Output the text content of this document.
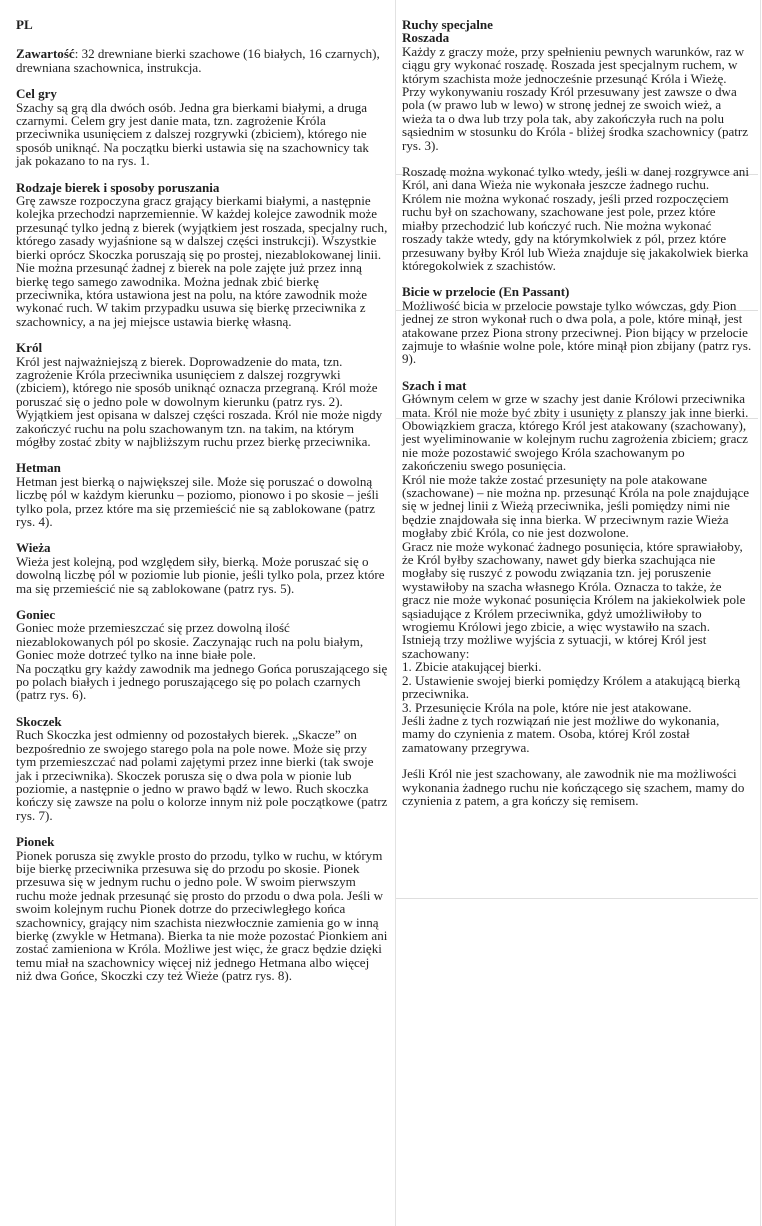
PL

Zawartość: 32 drewniane bierki szachowe (16 białych, 16 czarnych), drewniana szachownica, instrukcja.

Cel gry

Szachy są grą dla dwóch osób. Jedna gra bierkami białymi, a druga czarnymi. Celem gry jest danie mata, tzn. zagrożenie Króla przeciwnika usunięciem z dalszej rozgrywki (zbiciem), którego nie sposób uniknąć. Na początku bierki ustawia się na szachownicy tak jak pokazano to na rys. 1.

Rodzaje bierek i sposoby poruszania

Grę zawsze rozpoczyna gracz grający bierkami białymi, a następnie kolejka przechodzi naprzemiennie. W każdej kolejce zawodnik może przesunąć tylko jedną z bierek (wyjątkiem jest roszada, specjalny ruch, którego zasady wyjaśnione są w dalszej części instrukcji). Wszystkie bierki oprócz Skoczka poruszają się po prostej, niezablokowanej linii. Nie można przesunąć żadnej z bierek na pole zajęte już przez inną bierkę tego samego zawodnika. Można jednak zbić bierkę przeciwnika, która ustawiona jest na polu, na które zawodnik może wykonać ruch. W takim przypadku usuwa się bierkę przeciwnika z szachownicy, a na jej miejsce ustawia bierkę własną.

Król

Król jest najważniejszą z bierek. Doprowadzenie do mata, tzn. zagrożenie Króla przeciwnika usunięciem z dalszej rozgrywki (zbiciem), którego nie sposób uniknąć oznacza przegraną. Król może poruszać się o jedno pole w dowolnym kierunku (patrz rys. 2). Wyjątkiem jest opisana w dalszej części roszada. Król nie może nigdy zakończyć ruchu na polu szachowanym tzn. na takim, na którym mógłby zostać zbity w najbliższym ruchu przez bierkę przeciwnika.

Hetman

Hetman jest bierką o największej sile. Może się poruszać o dowolną liczbę pól w każdym kierunku – poziomo, pionowo i po skosie – jeśli tylko pola, przez które ma się przemieścić nie są zablokowane (patrz rys. 4).

Wieża

Wieża jest kolejną, pod względem siły, bierką. Może poruszać się o dowolną liczbę pól w poziomie lub pionie, jeśli tylko pola, przez które ma się przemieścić nie są zablokowane (patrz rys. 5).

Goniec

Goniec może przemieszczać się przez dowolną ilość niezablokowanych pól po skosie. Zaczynając ruch na polu białym, Goniec może dotrzeć tylko na inne białe pole.

Na początku gry każdy zawodnik ma jednego Gońca poruszającego się po polach białych i jednego poruszającego się po polach czarnych (patrz rys. 6).

Skoczek

Ruch Skoczka jest odmienny od pozostałych bierek. „Skacze” on bezpośrednio ze swojego starego pola na pole nowe. Może się przy tym przemieszczać nad polami zajętymi przez inne bierki (tak swoje jak i przeciwnika). Skoczek porusza się o dwa pola w pionie lub poziomie, a następnie o jedno w prawo bądź w lewo. Ruch skoczka kończy się zawsze na polu o kolorze innym niż pole początkowe (patrz rys. 7).

Pionek

Pionek porusza się zwykle prosto do przodu, tylko w ruchu, w którym bije bierkę przeciwnika przesuwa się do przodu po skosie. Pionek przesuwa się w jednym ruchu o jedno pole. W swoim pierwszym ruchu może jednak przesunąć się prosto do przodu o dwa pola. Jeśli w swoim kolejnym ruchu Pionek dotrze do przeciwległego końca szachownicy, grający nim szachista niezwłocznie zamienia go w inną bierkę (zwykle w Hetmana). Bierka ta nie może pozostać Pionkiem ani zostać zamieniona w Króla. Możliwe jest więc, że gracz będzie dzięki temu miał na szachownicy więcej niż jednego Hetmana albo więcej niż dwa Gońce, Skoczki czy też Wieże (patrz rys. 8).

Ruchy specjalne
Roszada

Każdy z graczy może, przy spełnieniu pewnych warunków, raz w ciągu gry wykonać roszadę. Roszada jest specjalnym ruchem, w którym szachista może jednocześnie przesunąć Króla i Wieżę. Przy wykonywaniu roszady Król przesuwany jest zawsze o dwa pola (w prawo lub w lewo) w stronę jednej ze swoich wież, a wieża ta o dwa lub trzy pola tak, aby zakończyła ruch na polu sąsiednim w stosunku do Króla - bliżej środka szachownicy (patrz rys. 3).

Roszadę można wykonać tylko wtedy, jeśli w danej rozgrywce ani Król, ani dana Wieża nie wykonała jeszcze żadnego ruchu. Królem nie można wykonać roszady, jeśli przed rozpoczęciem ruchu był on szachowany, szachowane jest pole, przez które miałby przechodzić lub kończyć ruch. Nie można wykonać roszady także wtedy, gdy na którymkolwiek z pól, przez które przesuwany byłby Król lub Wieża znajduje się jakakolwiek bierka któregokolwiek z szachistów.

Bicie w przelocie (En Passant)

Możliwość bicia w przelocie powstaje tylko wówczas, gdy Pion jednej ze stron wykonał ruch o dwa pola, a pole, które minął, jest atakowane przez Piona strony przeciwnej. Pion bijący w przelocie zajmuje to właśnie wolne pole, które minął pion zbijany (patrz rys. 9).

Szach i mat

Głównym celem w grze w szachy jest danie Królowi przeciwnika mata. Król nie może być zbity i usunięty z planszy jak inne bierki. Obowiązkiem gracza, którego Król jest atakowany (szachowany), jest wyeliminowanie w kolejnym ruchu zagrożenia zbiciem; gracz nie może pozostawić swojego Króla szachowanym po zakończeniu swego posunięcia.

Król nie może także zostać przesunięty na pole atakowane (szachowane) – nie można np. przesunąć Króla na pole znajdujące się w jednej linii z Wieżą przeciwnika, jeśli pomiędzy nimi nie będzie znajdowała się inna bierka. W przeciwnym razie Wieża mogłaby zbić Króla, co nie jest dozwolone.

Gracz nie może wykonać żadnego posunięcia, które sprawiałoby, że Król byłby szachowany, nawet gdy bierka szachująca nie mogłaby się ruszyć z powodu związania tzn. jej poruszenie wystawiłoby na szacha własnego Króla. Oznacza to także, że gracz nie może wykonać posunięcia Królem na jakiekolwiek pole sąsiadujące z Królem przeciwnika, gdyż umożliwiłoby to wrogiemu Królowi jego zbicie, a więc wystawiło na szach.

Istnieją trzy możliwe wyjścia z sytuacji, w której Król jest szachowany:

1. Zbicie atakującej bierki.

2. Ustawienie swojej bierki pomiędzy Królem a atakującą bierką przeciwnika.

3. Przesunięcie Króla na pole, które nie jest atakowane.

Jeśli żadne z tych rozwiązań nie jest możliwe do wykonania, mamy do czynienia z matem. Osoba, której Król został zamatowany przegrywa.

Jeśli Król nie jest szachowany, ale zawodnik nie ma możliwości wykonania żadnego ruchu nie kończącego się szachem, mamy do czynienia z patem, a gra kończy się remisem.
